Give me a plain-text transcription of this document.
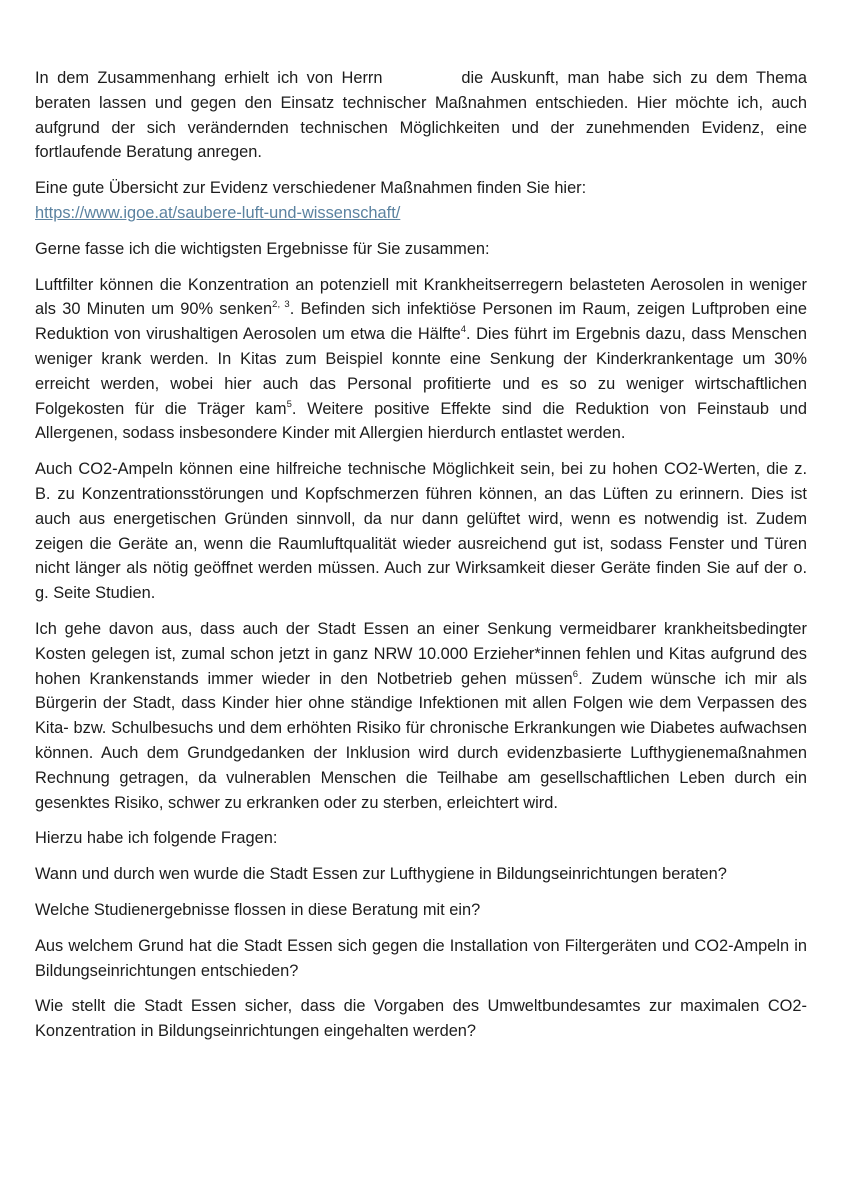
In dem Zusammenhang erhielt ich von Herrn	die Auskunft, man habe sich zu dem Thema beraten lassen und gegen den Einsatz technischer Maßnahmen entschieden. Hier möchte ich, auch aufgrund der sich verändernden technischen Möglichkeiten und der zunehmenden Evidenz, eine fortlaufende Beratung anregen.

Eine gute Übersicht zur Evidenz verschiedener Maßnahmen finden Sie hier:
https://www.igoe.at/saubere-luft-und-wissenschaft/

Gerne fasse ich die wichtigsten Ergebnisse für Sie zusammen:

Luftfilter können die Konzentration an potenziell mit Krankheitserregern belasteten Aerosolen in weniger als 30 Minuten um 90% senken$^{2, 3}$. Befinden sich infektiöse Personen im Raum, zeigen Luftproben eine Reduktion von virushaltigen Aerosolen um etwa die Hälfte$^4$. Dies führt im Ergebnis dazu, dass Menschen weniger krank werden. In Kitas zum Beispiel konnte eine Senkung der Kinderkrankentage um 30% erreicht werden, wobei hier auch das Personal profitierte und es so zu weniger wirtschaftlichen Folgekosten für die Träger kam$^5$. Weitere positive Effekte sind die Reduktion von Feinstaub und Allergenen, sodass insbesondere Kinder mit Allergien hierdurch entlastet werden.

Auch CO2-Ampeln können eine hilfreiche technische Möglichkeit sein, bei zu hohen CO2-Werten, die z. B. zu Konzentrationsstörungen und Kopfschmerzen führen können, an das Lüften zu erinnern. Dies ist auch aus energetischen Gründen sinnvoll, da nur dann gelüftet wird, wenn es notwendig ist. Zudem zeigen die Geräte an, wenn die Raumluftqualität wieder ausreichend gut ist, sodass Fenster und Türen nicht länger als nötig geöffnet werden müssen. Auch zur Wirksamkeit dieser Geräte finden Sie auf der o. g. Seite Studien.

Ich gehe davon aus, dass auch der Stadt Essen an einer Senkung vermeidbarer krankheitsbedingter Kosten gelegen ist, zumal schon jetzt in ganz NRW 10.000 Erzieher*innen fehlen und Kitas aufgrund des hohen Krankenstands immer wieder in den Notbetrieb gehen müssen$^6$. Zudem wünsche ich mir als Bürgerin der Stadt, dass Kinder hier ohne ständige Infektionen mit allen Folgen wie dem Verpassen des Kita- bzw. Schulbesuchs und dem erhöhten Risiko für chronische Erkrankungen wie Diabetes aufwachsen können. Auch dem Grundgedanken der Inklusion wird durch evidenzbasierte Lufthygienemaßnahmen Rechnung getragen, da vulnerablen Menschen die Teilhabe am gesellschaftlichen Leben durch ein gesenktes Risiko, schwer zu erkranken oder zu sterben, erleichtert wird.

Hierzu habe ich folgende Fragen:

Wann und durch wen wurde die Stadt Essen zur Lufthygiene in Bildungseinrichtungen beraten?

Welche Studienergebnisse flossen in diese Beratung mit ein?

Aus welchem Grund hat die Stadt Essen sich gegen die Installation von Filtergeräten und CO2-Ampeln in Bildungseinrichtungen entschieden?

Wie stellt die Stadt Essen sicher, dass die Vorgaben des Umweltbundesamtes zur maximalen CO2-Konzentration in Bildungseinrichtungen eingehalten werden?
